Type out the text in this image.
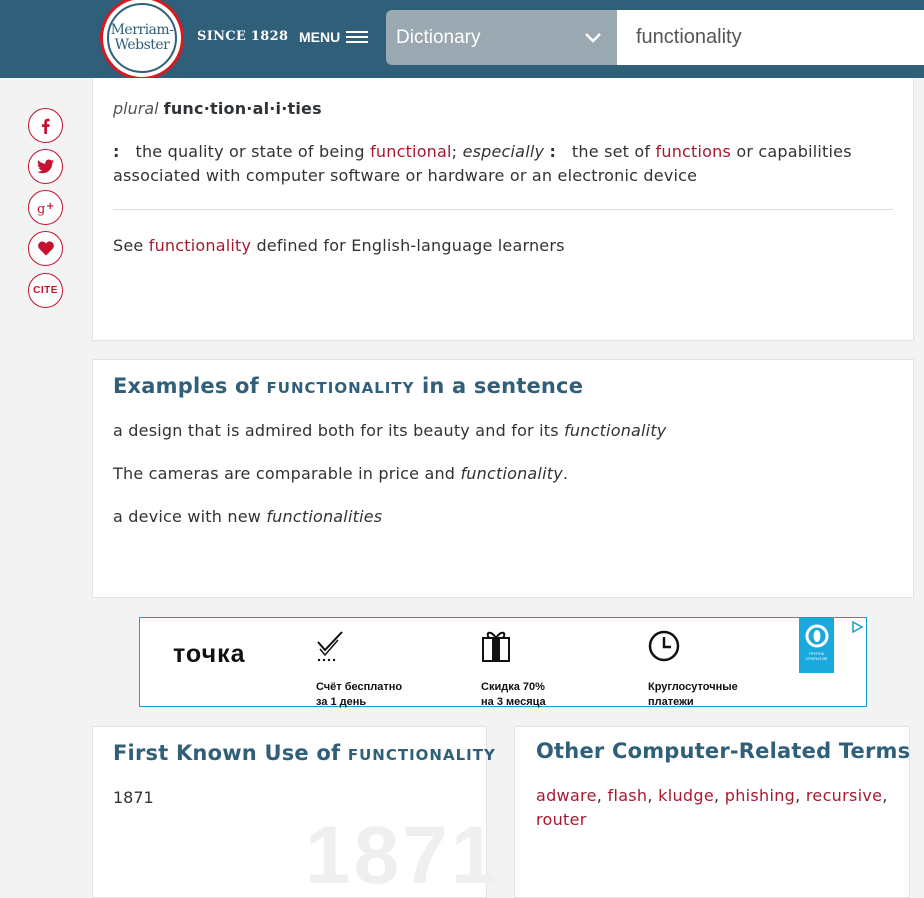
Merriam-
Webster
SINCE 1828 MENU	Dictionary
functionality
g +
CITE
plural func·tion·al·i·ties
: the quality or state of being functional; especially : the set of functions or capabilities associated with computer software or hardware or an electronic device
See functionality defined for English-language learners
Examples of FUNCTIONALITY in a sentence
a design that is admired both for its beauty and for its functionality
The cameras are comparable in price and functionality.
a device with new functionalities
точка
Счёт бесплатно
за 1 день
Скидка 70%
на 3 месяца
Круглосуточные
платежи
ГРУППА ОТКРЫТИЕ
First Known Use of FUNCTIONALITY
1871
1871
Other Computer-Related Terms
adware, flash, kludge, phishing, recursive, router
